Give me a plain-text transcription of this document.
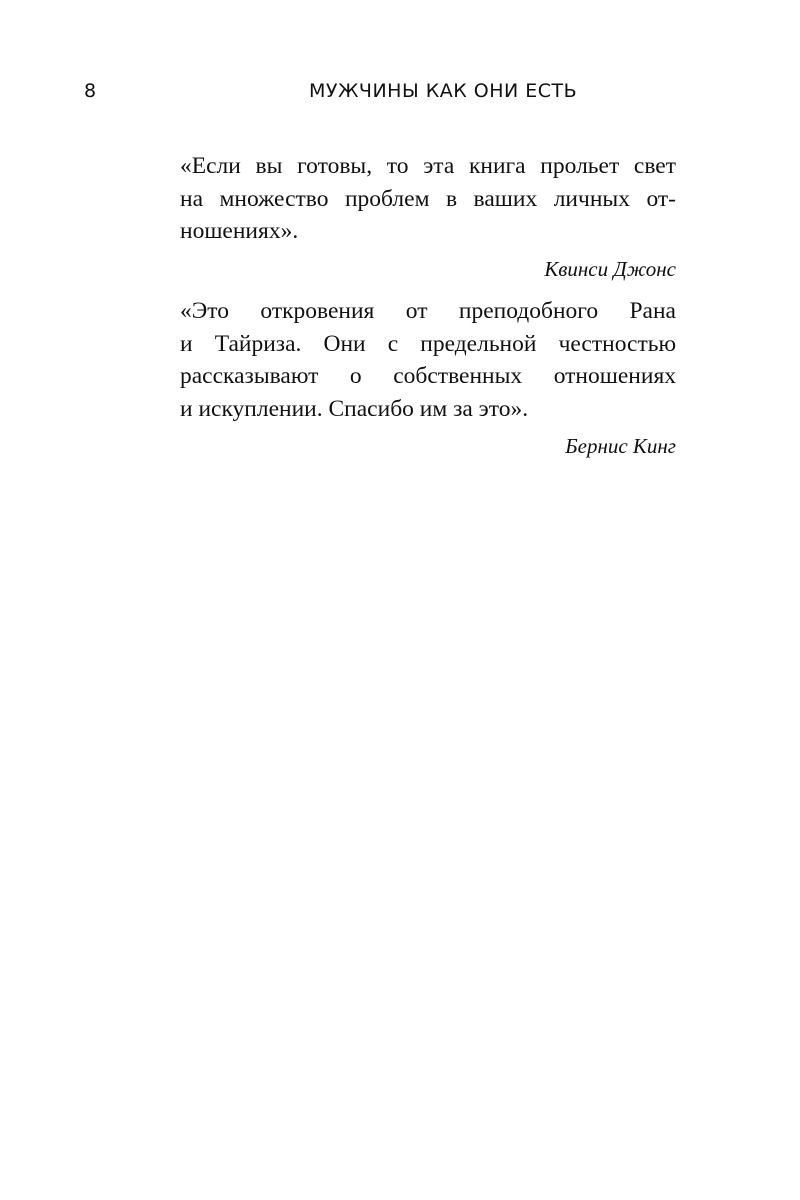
8	МУЖЧИНЫ КАК ОНИ ЕСТЬ

«Если вы готовы, то эта книга прольет свет
на множество проблем в ваших личных от-
ношениях».

Квинси Джонс

«Это откровения от преподобного Рана
и Тайриза. Они с предельной честностью
рассказывают о собственных отношениях
и искуплении. Спасибо им за это».

Бернис Кинг
